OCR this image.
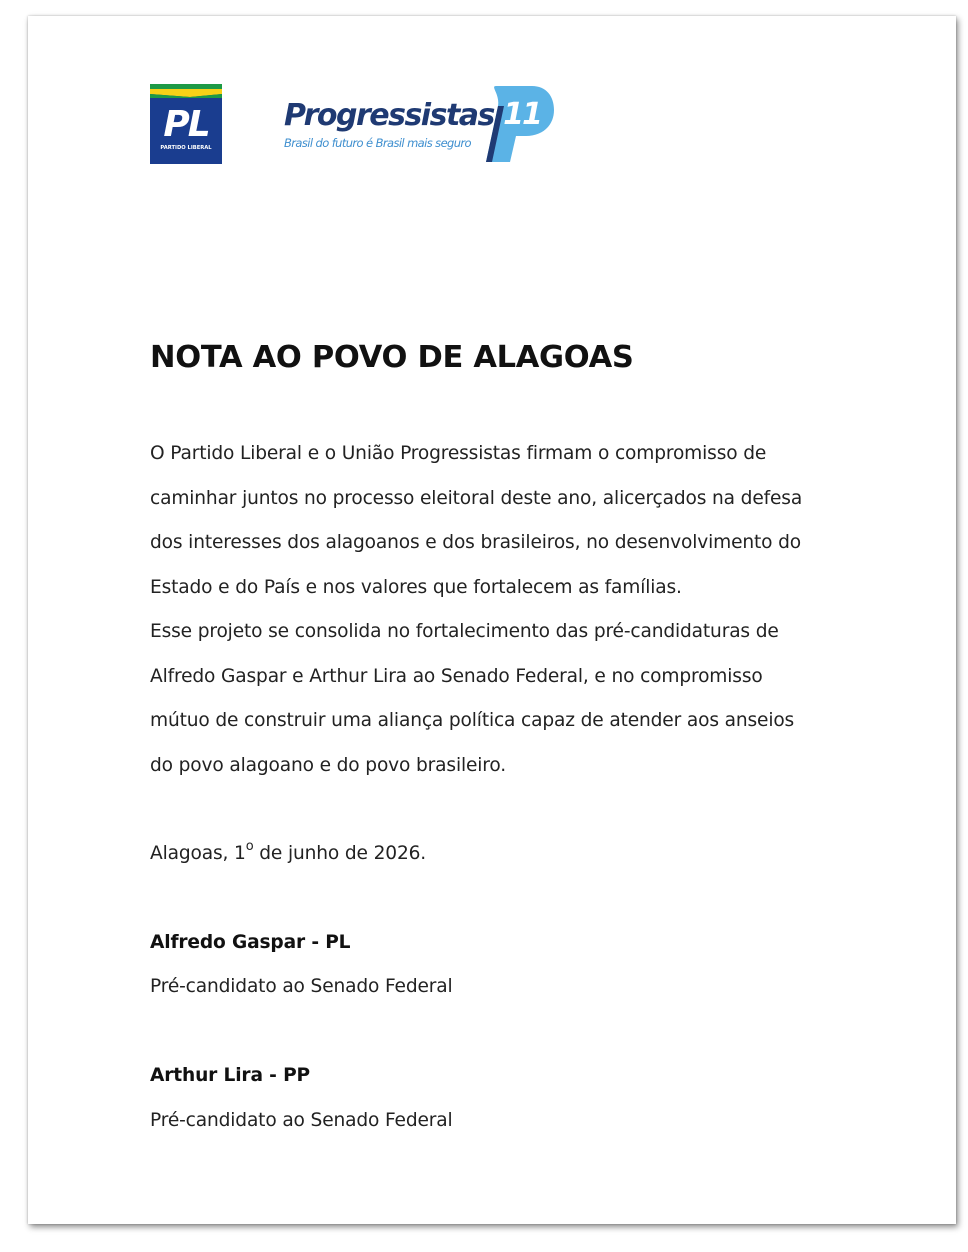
PL
PARTIDO LIBERAL
Progressistas
Brasil do futuro é Brasil mais seguro
11
NOTA AO POVO DE ALAGOAS
O Partido Liberal e o União Progressistas firmam o compromisso de
caminhar juntos no processo eleitoral deste ano, alicerçados na defesa
dos interesses dos alagoanos e dos brasileiros, no desenvolvimento do
Estado e do País e nos valores que fortalecem as famílias.
Esse projeto se consolida no fortalecimento das pré-candidaturas de
Alfredo Gaspar e Arthur Lira ao Senado Federal, e no compromisso
mútuo de construir uma aliança política capaz de atender aos anseios
do povo alagoano e do povo brasileiro.
Alagoas, 1$^o$ de junho de 2026.
Alfredo Gaspar - PL
Pré-candidato ao Senado Federal
Arthur Lira - PP
Pré-candidato ao Senado Federal
